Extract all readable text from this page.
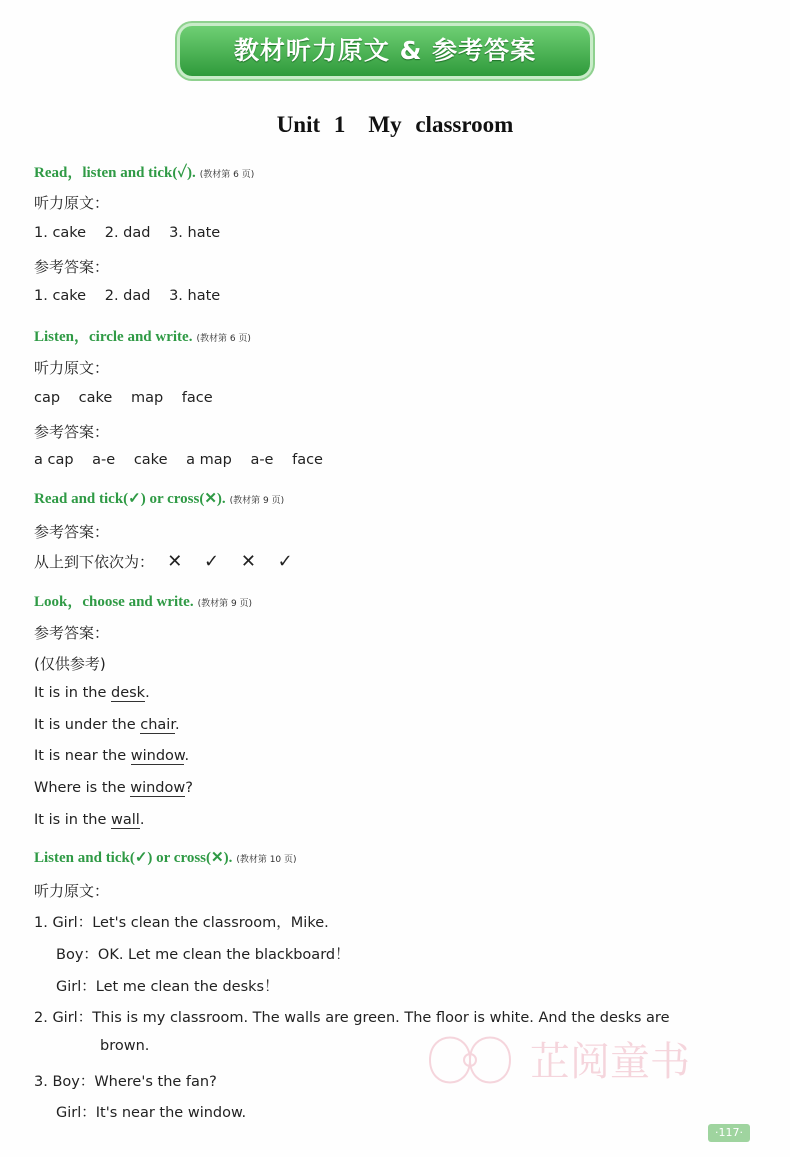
教材听力原文 & 参考答案
Unit 1　My classroom
Read，listen and tick(✓). (教材第 6 页)
听力原文：
1. cake 2. dad 3. hate
参考答案：
1. cake 2. dad 3. hate
Listen，circle and write. (教材第 6 页)
听力原文：
cap cake map face
参考答案：
a cap a-e cake a map a-e face
Read and tick(✓) or cross(✕). (教材第 9 页)
参考答案：
从上到下依次为： ✕ ✓ ✕ ✓
Look，choose and write. (教材第 9 页)
参考答案：
(仅供参考)
It is in the desk.
It is under the chair.
It is near the window.
Where is the window?
It is in the wall.
Listen and tick(✓) or cross(✕). (教材第 10 页)
听力原文：
1. Girl：Let's clean the classroom，Mike.
Boy：OK. Let me clean the blackboard！
Girl：Let me clean the desks！
2. Girl：This is my classroom. The walls are green. The floor is white. And the desks are
brown.
3. Boy：Where's the fan?
Girl：It's near the window.
芷阅童书
·117·
